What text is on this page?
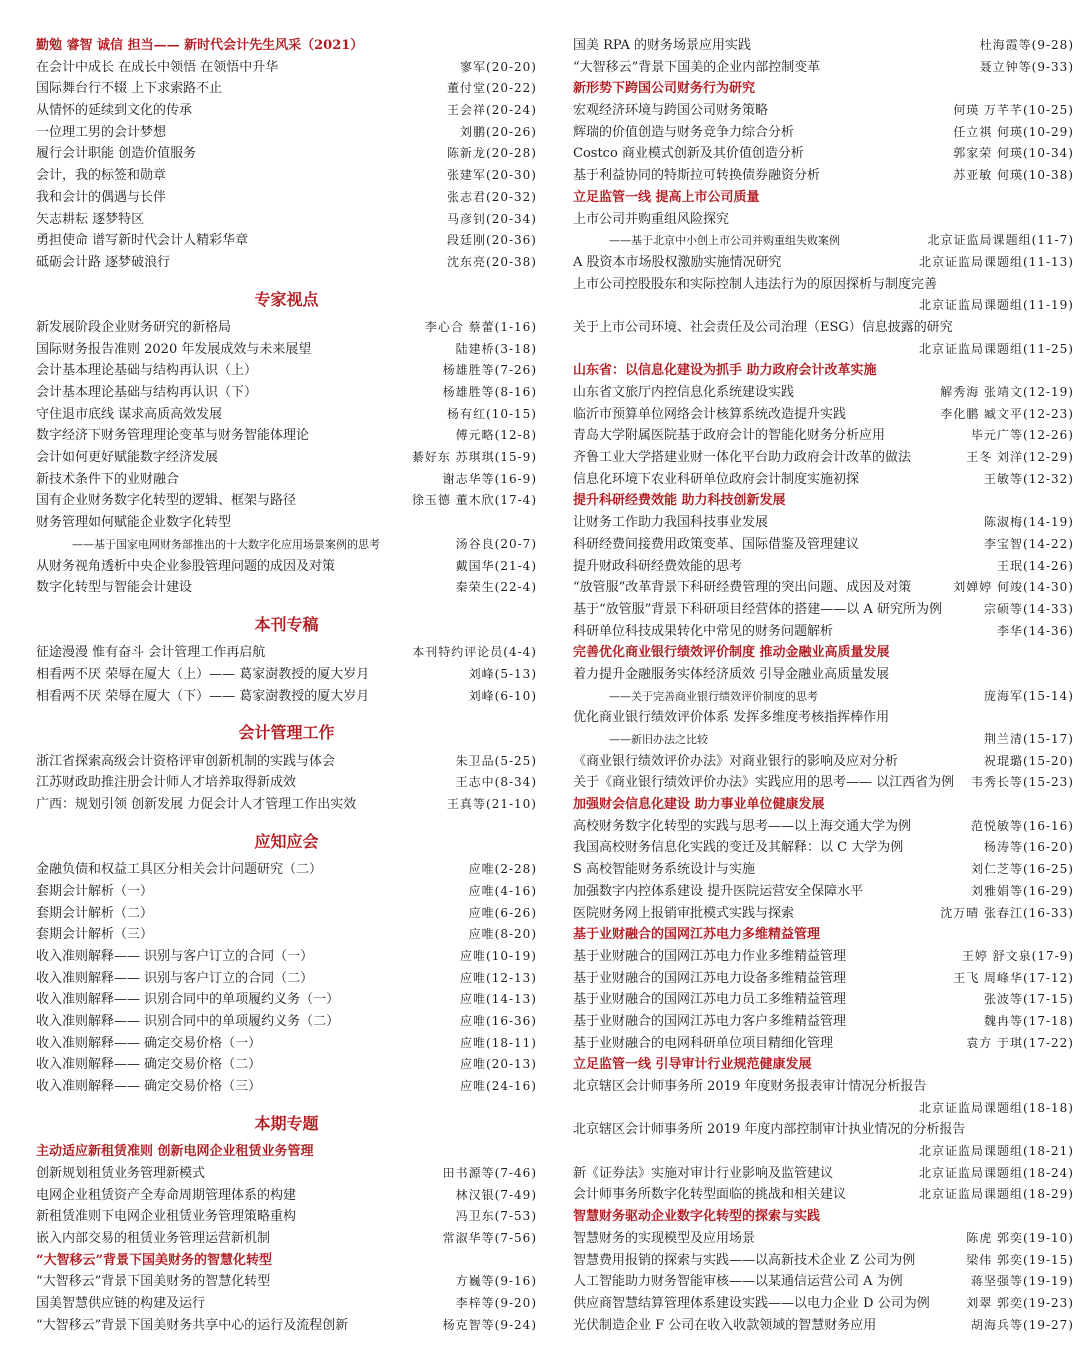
勤勉 睿智 诚信 担当—— 新时代会计先生风采（2021）
在会计中成长 在成长中领悟 在领悟中升华	寥军(20-20)
国际舞台行不辍 上下求索路不止	董付堂(20-22)
从情怀的延续到文化的传承	王会祥(20-24)
一位理工男的会计梦想	刘鹏(20-26)
履行会计职能 创造价值服务	陈新龙(20-28)
会计，我的标签和勋章	张建军(20-30)
我和会计的偶遇与长伴	张志君(20-32)
矢志耕耘 逐梦特区	马彦钊(20-34)
勇担使命 谱写新时代会计人精彩华章	段廷刚(20-36)
砥砺会计路 逐梦破浪行	沈东亮(20-38)
专家视点
新发展阶段企业财务研究的新格局	李心合 蔡蕾(1-16)
国际财务报告准则 2020 年发展成效与未来展望	陆建桥(3-18)
会计基本理论基础与结构再认识（上）	杨雄胜等(7-26)
会计基本理论基础与结构再认识（下）	杨雄胜等(8-16)
守住退市底线 谋求高质高效发展	杨有红(10-15)
数字经济下财务管理理论变革与财务智能体理论	傅元略(12-8)
会计如何更好赋能数字经济发展	綦好东 苏琪琪(15-9)
新技术条件下的业财融合	谢志华等(16-9)
国有企业财务数字化转型的逻辑、框架与路径	徐玉德 董木欣(17-4)
财务管理如何赋能企业数字化转型
——基于国家电网财务部推出的十大数字化应用场景案例的思考	汤谷良(20-7)
从财务视角透析中央企业参股管理问题的成因及对策	戴国华(21-4)
数字化转型与智能会计建设	秦荣生(22-4)
本刊专稿
征途漫漫 惟有奋斗 会计管理工作再启航	本刊特约评论员(4-4)
相看两不厌 荣辱在厦大（上）—— 葛家澍教授的厦大岁月	刘峰(5-13)
相看两不厌 荣辱在厦大（下）—— 葛家澍教授的厦大岁月	刘峰(6-10)
会计管理工作
浙江省探索高级会计资格评审创新机制的实践与体会	朱卫品(5-25)
江苏财政助推注册会计师人才培养取得新成效	王志中(8-34)
广西：规划引领 创新发展 力促会计人才管理工作出实效	王真等(21-10)
应知应会
金融负债和权益工具区分相关会计问题研究（二）	应唯(2-28)
套期会计解析（一）	应唯(4-16)
套期会计解析（二）	应唯(6-26)
套期会计解析（三）	应唯(8-20)
收入准则解释—— 识别与客户订立的合同（一）	应唯(10-19)
收入准则解释—— 识别与客户订立的合同（二）	应唯(12-13)
收入准则解释—— 识别合同中的单项履约义务（一）	应唯(14-13)
收入准则解释—— 识别合同中的单项履约义务（二）	应唯(16-36)
收入准则解释—— 确定交易价格（一）	应唯(18-11)
收入准则解释—— 确定交易价格（二）	应唯(20-13)
收入准则解释—— 确定交易价格（三）	应唯(24-16)
本期专题
主动适应新租赁准则 创新电网企业租赁业务管理
创新规划租赁业务管理新模式	田书源等(7-46)
电网企业租赁资产全寿命周期管理体系的构建	林汉银(7-49)
新租赁准则下电网企业租赁业务管理策略重构	冯卫东(7-53)
嵌入内部交易的租赁业务管理运营新机制	常淑华等(7-56)
“大智移云”背景下国美财务的智慧化转型
“大智移云”背景下国美财务的智慧化转型	方巍等(9-16)
国美智慧供应链的构建及运行	李梓等(9-20)
“大智移云”背景下国美财务共享中心的运行及流程创新	杨克智等(9-24)
国美 RPA 的财务场景应用实践	杜海霞等(9-28)
“大智移云”背景下国美的企业内部控制变革	聂立钟等(9-33)
新形势下跨国公司财务行为研究
宏观经济环境与跨国公司财务策略	何瑛 万芊芊(10-25)
辉瑞的价值创造与财务竞争力综合分析	任立祺 何瑛(10-29)
Costco 商业模式创新及其价值创造分析	郭家荣 何瑛(10-34)
基于利益协同的特斯拉可转换债券融资分析	苏亚敏 何瑛(10-38)
立足监管一线 提高上市公司质量
上市公司并购重组风险探究
——基于北京中小创上市公司并购重组失败案例	北京证监局课题组(11-7)
A 股资本市场股权激励实施情况研究	北京证监局课题组(11-13)
上市公司控股股东和实际控制人违法行为的原因探析与制度完善
北京证监局课题组(11-19)
关于上市公司环境、社会责任及公司治理（ESG）信息披露的研究
北京证监局课题组(11-25)
山东省：以信息化建设为抓手 助力政府会计改革实施
山东省文旅厅内控信息化系统建设实践	解秀海 张靖文(12-19)
临沂市预算单位网络会计核算系统改造提升实践	李化鹏 臧文平(12-23)
青岛大学附属医院基于政府会计的智能化财务分析应用	毕元广等(12-26)
齐鲁工业大学搭建业财一体化平台助力政府会计改革的做法	王冬 刘洋(12-29)
信息化环境下农业科研单位政府会计制度实施初探	王敏等(12-32)
提升科研经费效能 助力科技创新发展
让财务工作助力我国科技事业发展	陈淑梅(14-19)
科研经费间接费用政策变革、国际借鉴及管理建议	李宝智(14-22)
提升财政科研经费效能的思考	王珉(14-26)
“放管服”改革背景下科研经费管理的突出问题、成因及对策	刘婵婷 何竣(14-30)
基于“放管服”背景下科研项目经营体的搭建——以 A 研究所为例	宗硕等(14-33)
科研单位科技成果转化中常见的财务问题解析	李华(14-36)
完善优化商业银行绩效评价制度 推动金融业高质量发展
着力提升金融服务实体经济质效 引导金融业高质量发展
——关于完善商业银行绩效评价制度的思考	庞海军(15-14)
优化商业银行绩效评价体系 发挥多维度考核指挥棒作用
——新旧办法之比较	荆兰清(15-17)
《商业银行绩效评价办法》对商业银行的影响及应对分析	祝琨璐(15-20)
关于《商业银行绩效评价办法》实践应用的思考—— 以江西省为例	韦秀长等(15-23)
加强财会信息化建设 助力事业单位健康发展
高校财务数字化转型的实践与思考——以上海交通大学为例	范悦敏等(16-16)
我国高校财务信息化实践的变迁及其解释：以 C 大学为例	杨涛等(16-20)
S 高校智能财务系统设计与实施	刘仁芝等(16-25)
加强数字内控体系建设 提升医院运营安全保障水平	刘雅娟等(16-29)
医院财务网上报销审批模式实践与探索	沈万晴 张春江(16-33)
基于业财融合的国网江苏电力多维精益管理
基于业财融合的国网江苏电力作业多维精益管理	王婷 舒文泉(17-9)
基于业财融合的国网江苏电力设备多维精益管理	王飞 周峰华(17-12)
基于业财融合的国网江苏电力员工多维精益管理	张波等(17-15)
基于业财融合的国网江苏电力客户多维精益管理	魏冉等(17-18)
基于业财融合的电网科研单位项目精细化管理	袁方 于琪(17-22)
立足监管一线 引导审计行业规范健康发展
北京辖区会计师事务所 2019 年度财务报表审计情况分析报告
北京证监局课题组(18-18)
北京辖区会计师事务所 2019 年度内部控制审计执业情况的分析报告
北京证监局课题组(18-21)
新《证券法》实施对审计行业影响及监管建议	北京证监局课题组(18-24)
会计师事务所数字化转型面临的挑战和相关建议	北京证监局课题组(18-29)
智慧财务驱动企业数字化转型的探索与实践
智慧财务的实现模型及应用场景	陈虎 郭奕(19-10)
智慧费用报销的探索与实践——以高新技术企业 Z 公司为例	梁伟 郭奕(19-15)
人工智能助力财务智能审核——以某通信运营公司 A 为例	蒋坚强等(19-19)
供应商智慧结算管理体系建设实践——以电力企业 D 公司为例	刘翠 郭奕(19-23)
光伏制造企业 F 公司在收入收款领域的智慧财务应用	胡海兵等(19-27)
